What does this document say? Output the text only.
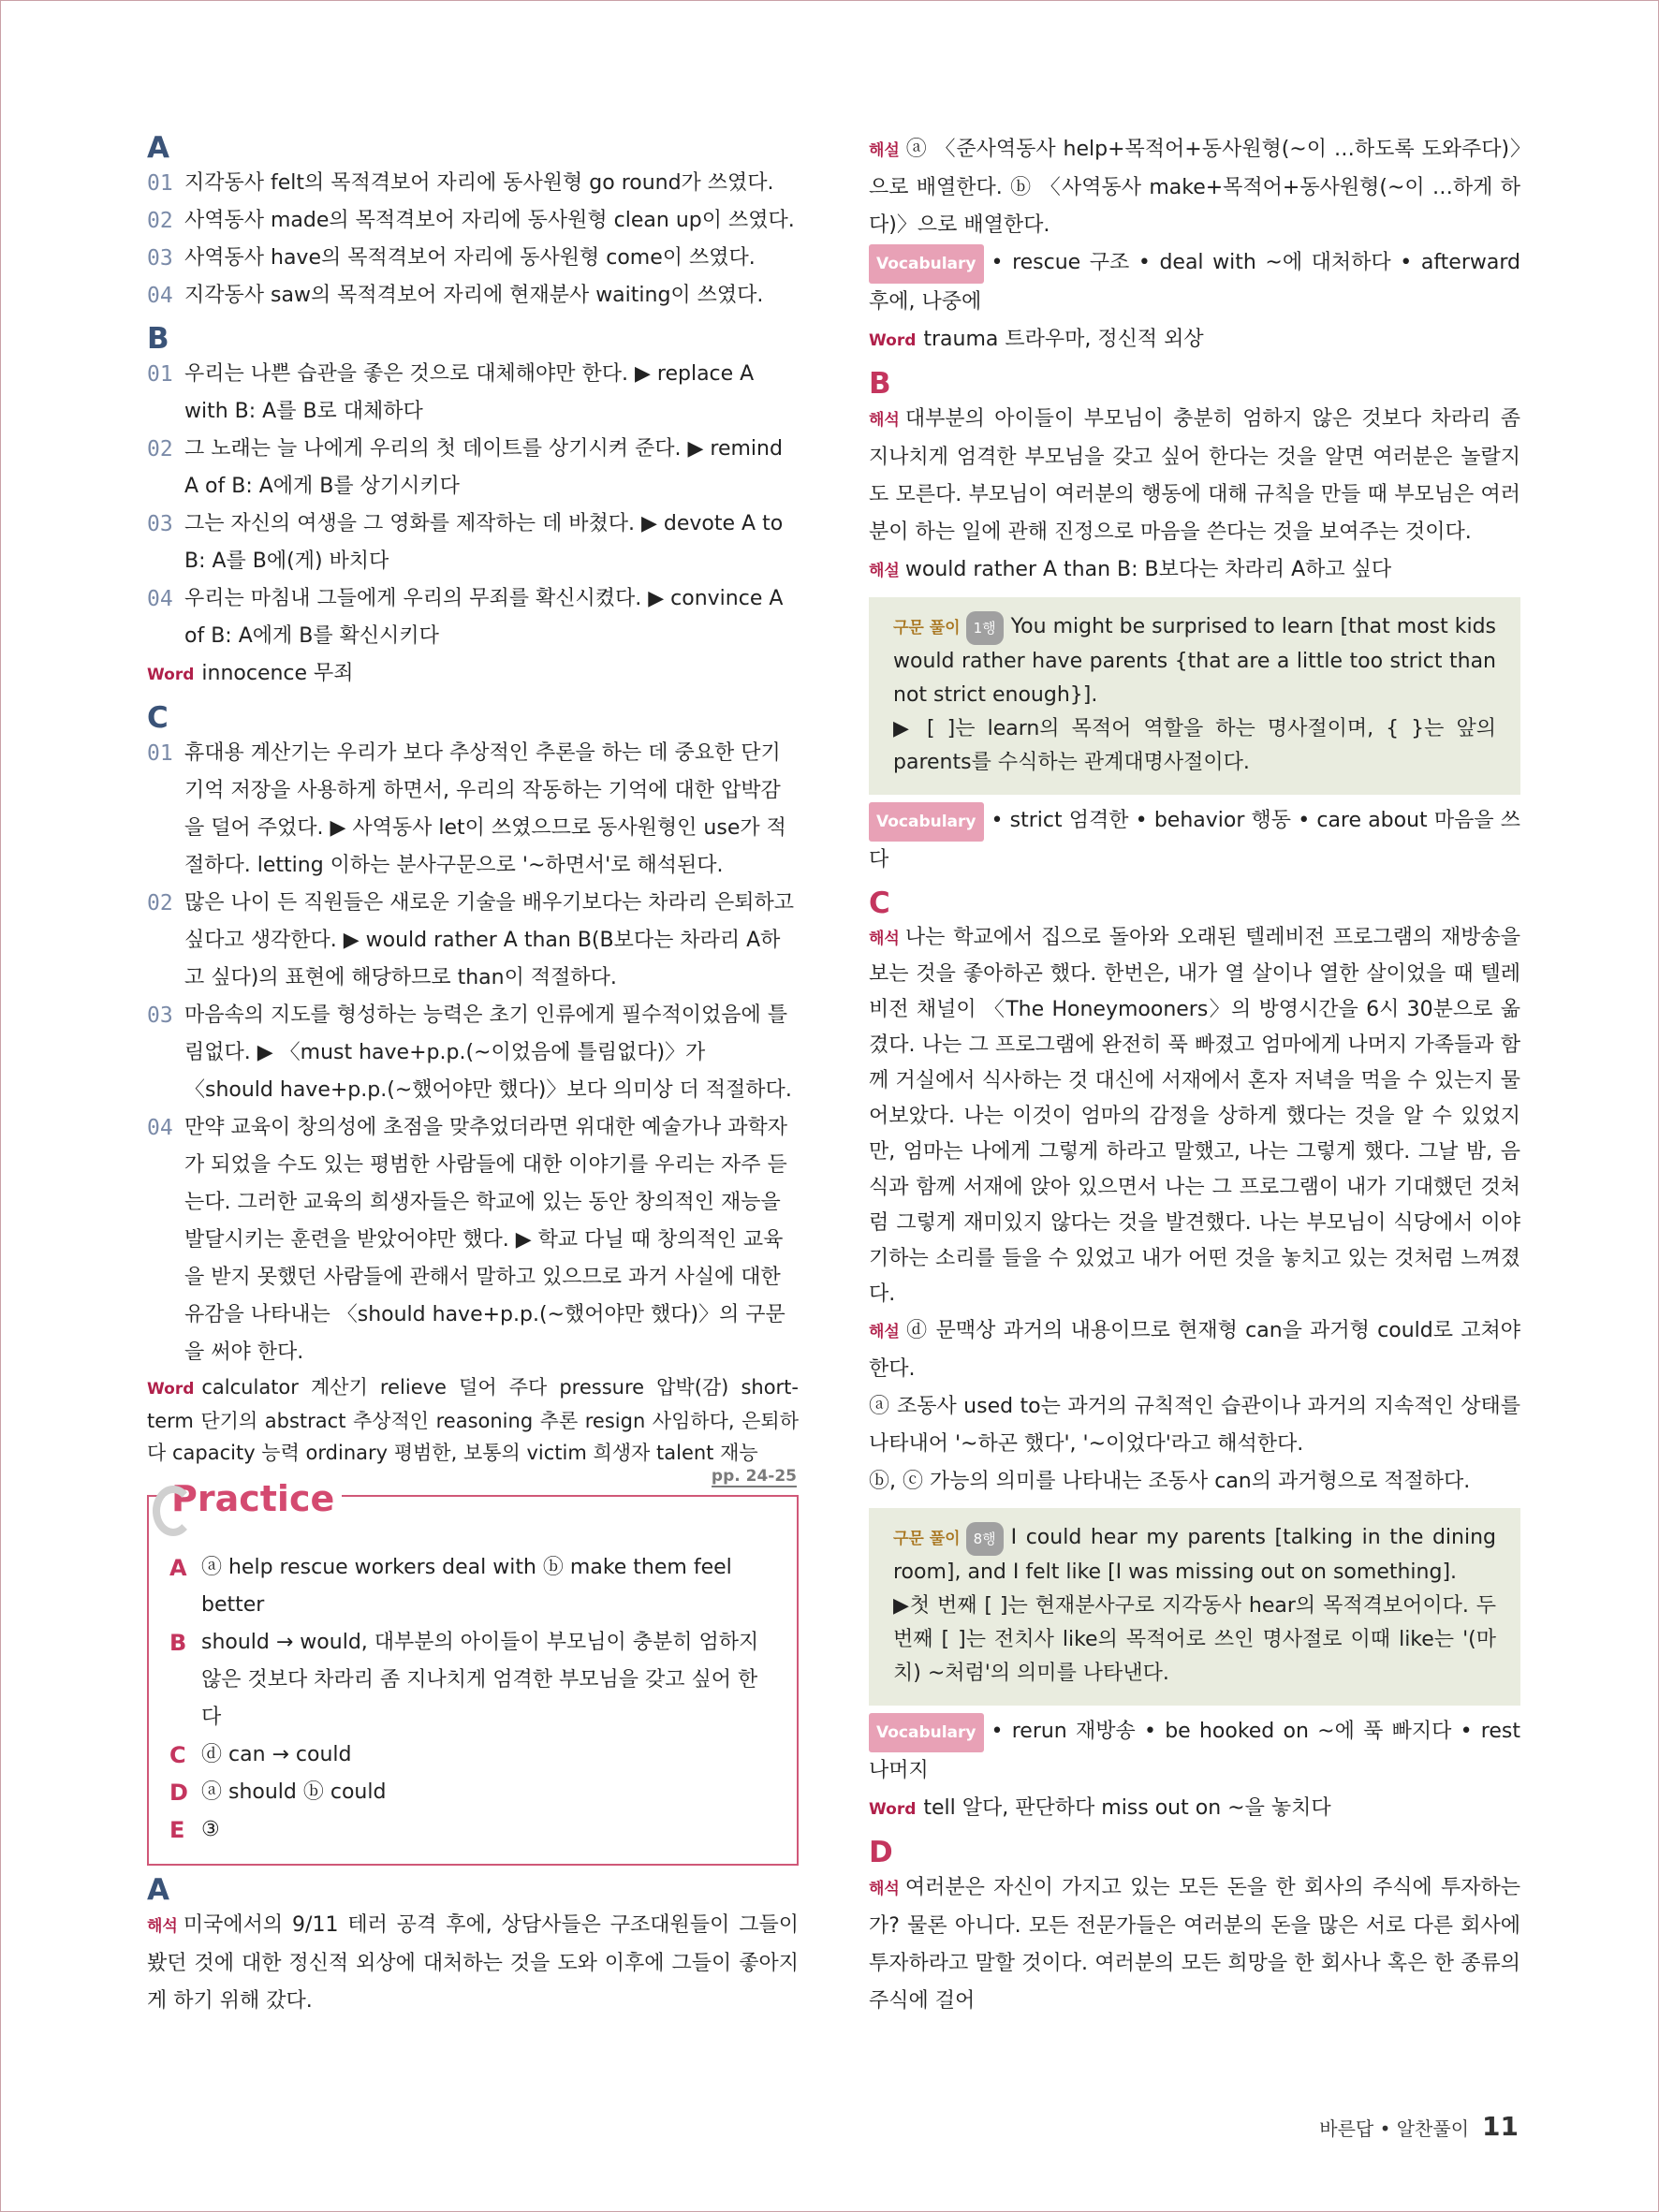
A

01 지각동사 felt의 목적격보어 자리에 동사원형 go round가 쓰였다.

02 사역동사 made의 목적격보어 자리에 동사원형 clean up이 쓰였다.

03 사역동사 have의 목적격보어 자리에 동사원형 come이 쓰였다.

04 지각동사 saw의 목적격보어 자리에 현재분사 waiting이 쓰였다.

B

01 우리는 나쁜 습관을 좋은 것으로 대체해야만 한다. ▶ replace A with B: A를 B로 대체하다

02 그 노래는 늘 나에게 우리의 첫 데이트를 상기시켜 준다. ▶ remind A of B: A에게 B를 상기시키다

03 그는 자신의 여생을 그 영화를 제작하는 데 바쳤다. ▶ devote A to B: A를 B에(게) 바치다

04 우리는 마침내 그들에게 우리의 무죄를 확신시켰다. ▶ convince A of B: A에게 B를 확신시키다

Word innocence 무죄

C

01 휴대용 계산기는 우리가 보다 추상적인 추론을 하는 데 중요한 단기 기억 저장을 사용하게 하면서, 우리의 작동하는 기억에 대한 압박감을 덜어 주었다. ▶ 사역동사 let이 쓰였으므로 동사원형인 use가 적절하다. letting 이하는 분사구문으로 '~하면서'로 해석된다.

02 많은 나이 든 직원들은 새로운 기술을 배우기보다는 차라리 은퇴하고 싶다고 생각한다. ▶ would rather A than B(B보다는 차라리 A하고 싶다)의 표현에 해당하므로 than이 적절하다.

03 마음속의 지도를 형성하는 능력은 초기 인류에게 필수적이었음에 틀림없다. ▶ 〈must have+p.p.(~이었음에 틀림없다)〉가 〈should have+p.p.(~했어야만 했다)〉보다 의미상 더 적절하다.

04 만약 교육이 창의성에 초점을 맞추었더라면 위대한 예술가나 과학자가 되었을 수도 있는 평범한 사람들에 대한 이야기를 우리는 자주 듣는다. 그러한 교육의 희생자들은 학교에 있는 동안 창의적인 재능을 발달시키는 훈련을 받았어야만 했다. ▶ 학교 다닐 때 창의적인 교육을 받지 못했던 사람들에 관해서 말하고 있으므로 과거 사실에 대한 유감을 나타내는 〈should have+p.p.(~했어야만 했다)〉의 구문을 써야 한다.

Word calculator 계산기 relieve 덜어 주다 pressure 압박(감) short-term 단기의 abstract 추상적인 reasoning 추론 resign 사임하다, 은퇴하다 capacity 능력 ordinary 평범한, 보통의 victim 희생자 talent 재능

Practice
pp. 24-25

A ⓐ help rescue workers deal with ⓑ make them feel better

B should → would, 대부분의 아이들이 부모님이 충분히 엄하지 않은 것보다 차라리 좀 지나치게 엄격한 부모님을 갖고 싶어 한다

C ⓓ can → could

D ⓐ should ⓑ could

E ③

A

해석 미국에서의 9/11 테러 공격 후에, 상담사들은 구조대원들이 그들이 봤던 것에 대한 정신적 외상에 대처하는 것을 도와 이후에 그들이 좋아지게 하기 위해 갔다.

해설 ⓐ 〈준사역동사 help+목적어+동사원형(~이 …하도록 도와주다)〉으로 배열한다. ⓑ 〈사역동사 make+목적어+동사원형(~이 …하게 하다)〉으로 배열한다.

Vocabulary • rescue 구조 • deal with ~에 대처하다 • afterward 후에, 나중에

Word trauma 트라우마, 정신적 외상

B

해석 대부분의 아이들이 부모님이 충분히 엄하지 않은 것보다 차라리 좀 지나치게 엄격한 부모님을 갖고 싶어 한다는 것을 알면 여러분은 놀랄지도 모른다. 부모님이 여러분의 행동에 대해 규칙을 만들 때 부모님은 여러분이 하는 일에 관해 진정으로 마음을 쓴다는 것을 보여주는 것이다.

해설 would rather A than B: B보다는 차라리 A하고 싶다

구문 풀이 1행 You might be surprised to learn [that most kids would rather have parents {that are a little too strict than not strict enough}].

▶ [ ]는 learn의 목적어 역할을 하는 명사절이며, { }는 앞의 parents를 수식하는 관계대명사절이다.

Vocabulary • strict 엄격한 • behavior 행동 • care about 마음을 쓰다

C

해석 나는 학교에서 집으로 돌아와 오래된 텔레비전 프로그램의 재방송을 보는 것을 좋아하곤 했다. 한번은, 내가 열 살이나 열한 살이었을 때 텔레비전 채널이 〈The Honeymooners〉의 방영시간을 6시 30분으로 옮겼다. 나는 그 프로그램에 완전히 푹 빠졌고 엄마에게 나머지 가족들과 함께 거실에서 식사하는 것 대신에 서재에서 혼자 저녁을 먹을 수 있는지 물어보았다. 나는 이것이 엄마의 감정을 상하게 했다는 것을 알 수 있었지만, 엄마는 나에게 그렇게 하라고 말했고, 나는 그렇게 했다. 그날 밤, 음식과 함께 서재에 앉아 있으면서 나는 그 프로그램이 내가 기대했던 것처럼 그렇게 재미있지 않다는 것을 발견했다. 나는 부모님이 식당에서 이야기하는 소리를 들을 수 있었고 내가 어떤 것을 놓치고 있는 것처럼 느껴졌다.

해설 ⓓ 문맥상 과거의 내용이므로 현재형 can을 과거형 could로 고쳐야 한다.

ⓐ 조동사 used to는 과거의 규칙적인 습관이나 과거의 지속적인 상태를 나타내어 '~하곤 했다', '~이었다'라고 해석한다.

ⓑ, ⓒ 가능의 의미를 나타내는 조동사 can의 과거형으로 적절하다.

구문 풀이 8행 I could hear my parents [talking in the dining room], and I felt like [I was missing out on something].

▶첫 번째 [ ]는 현재분사구로 지각동사 hear의 목적격보어이다. 두 번째 [ ]는 전치사 like의 목적어로 쓰인 명사절로 이때 like는 '(마치) ~처럼'의 의미를 나타낸다.

Vocabulary • rerun 재방송 • be hooked on ~에 푹 빠지다 • rest 나머지

Word tell 알다, 판단하다 miss out on ~을 놓치다

D

해석 여러분은 자신이 가지고 있는 모든 돈을 한 회사의 주식에 투자하는가? 물론 아니다. 모든 전문가들은 여러분의 돈을 많은 서로 다른 회사에 투자하라고 말할 것이다. 여러분의 모든 희망을 한 회사나 혹은 한 종류의 주식에 걸어

바른답 • 알찬풀이 11
